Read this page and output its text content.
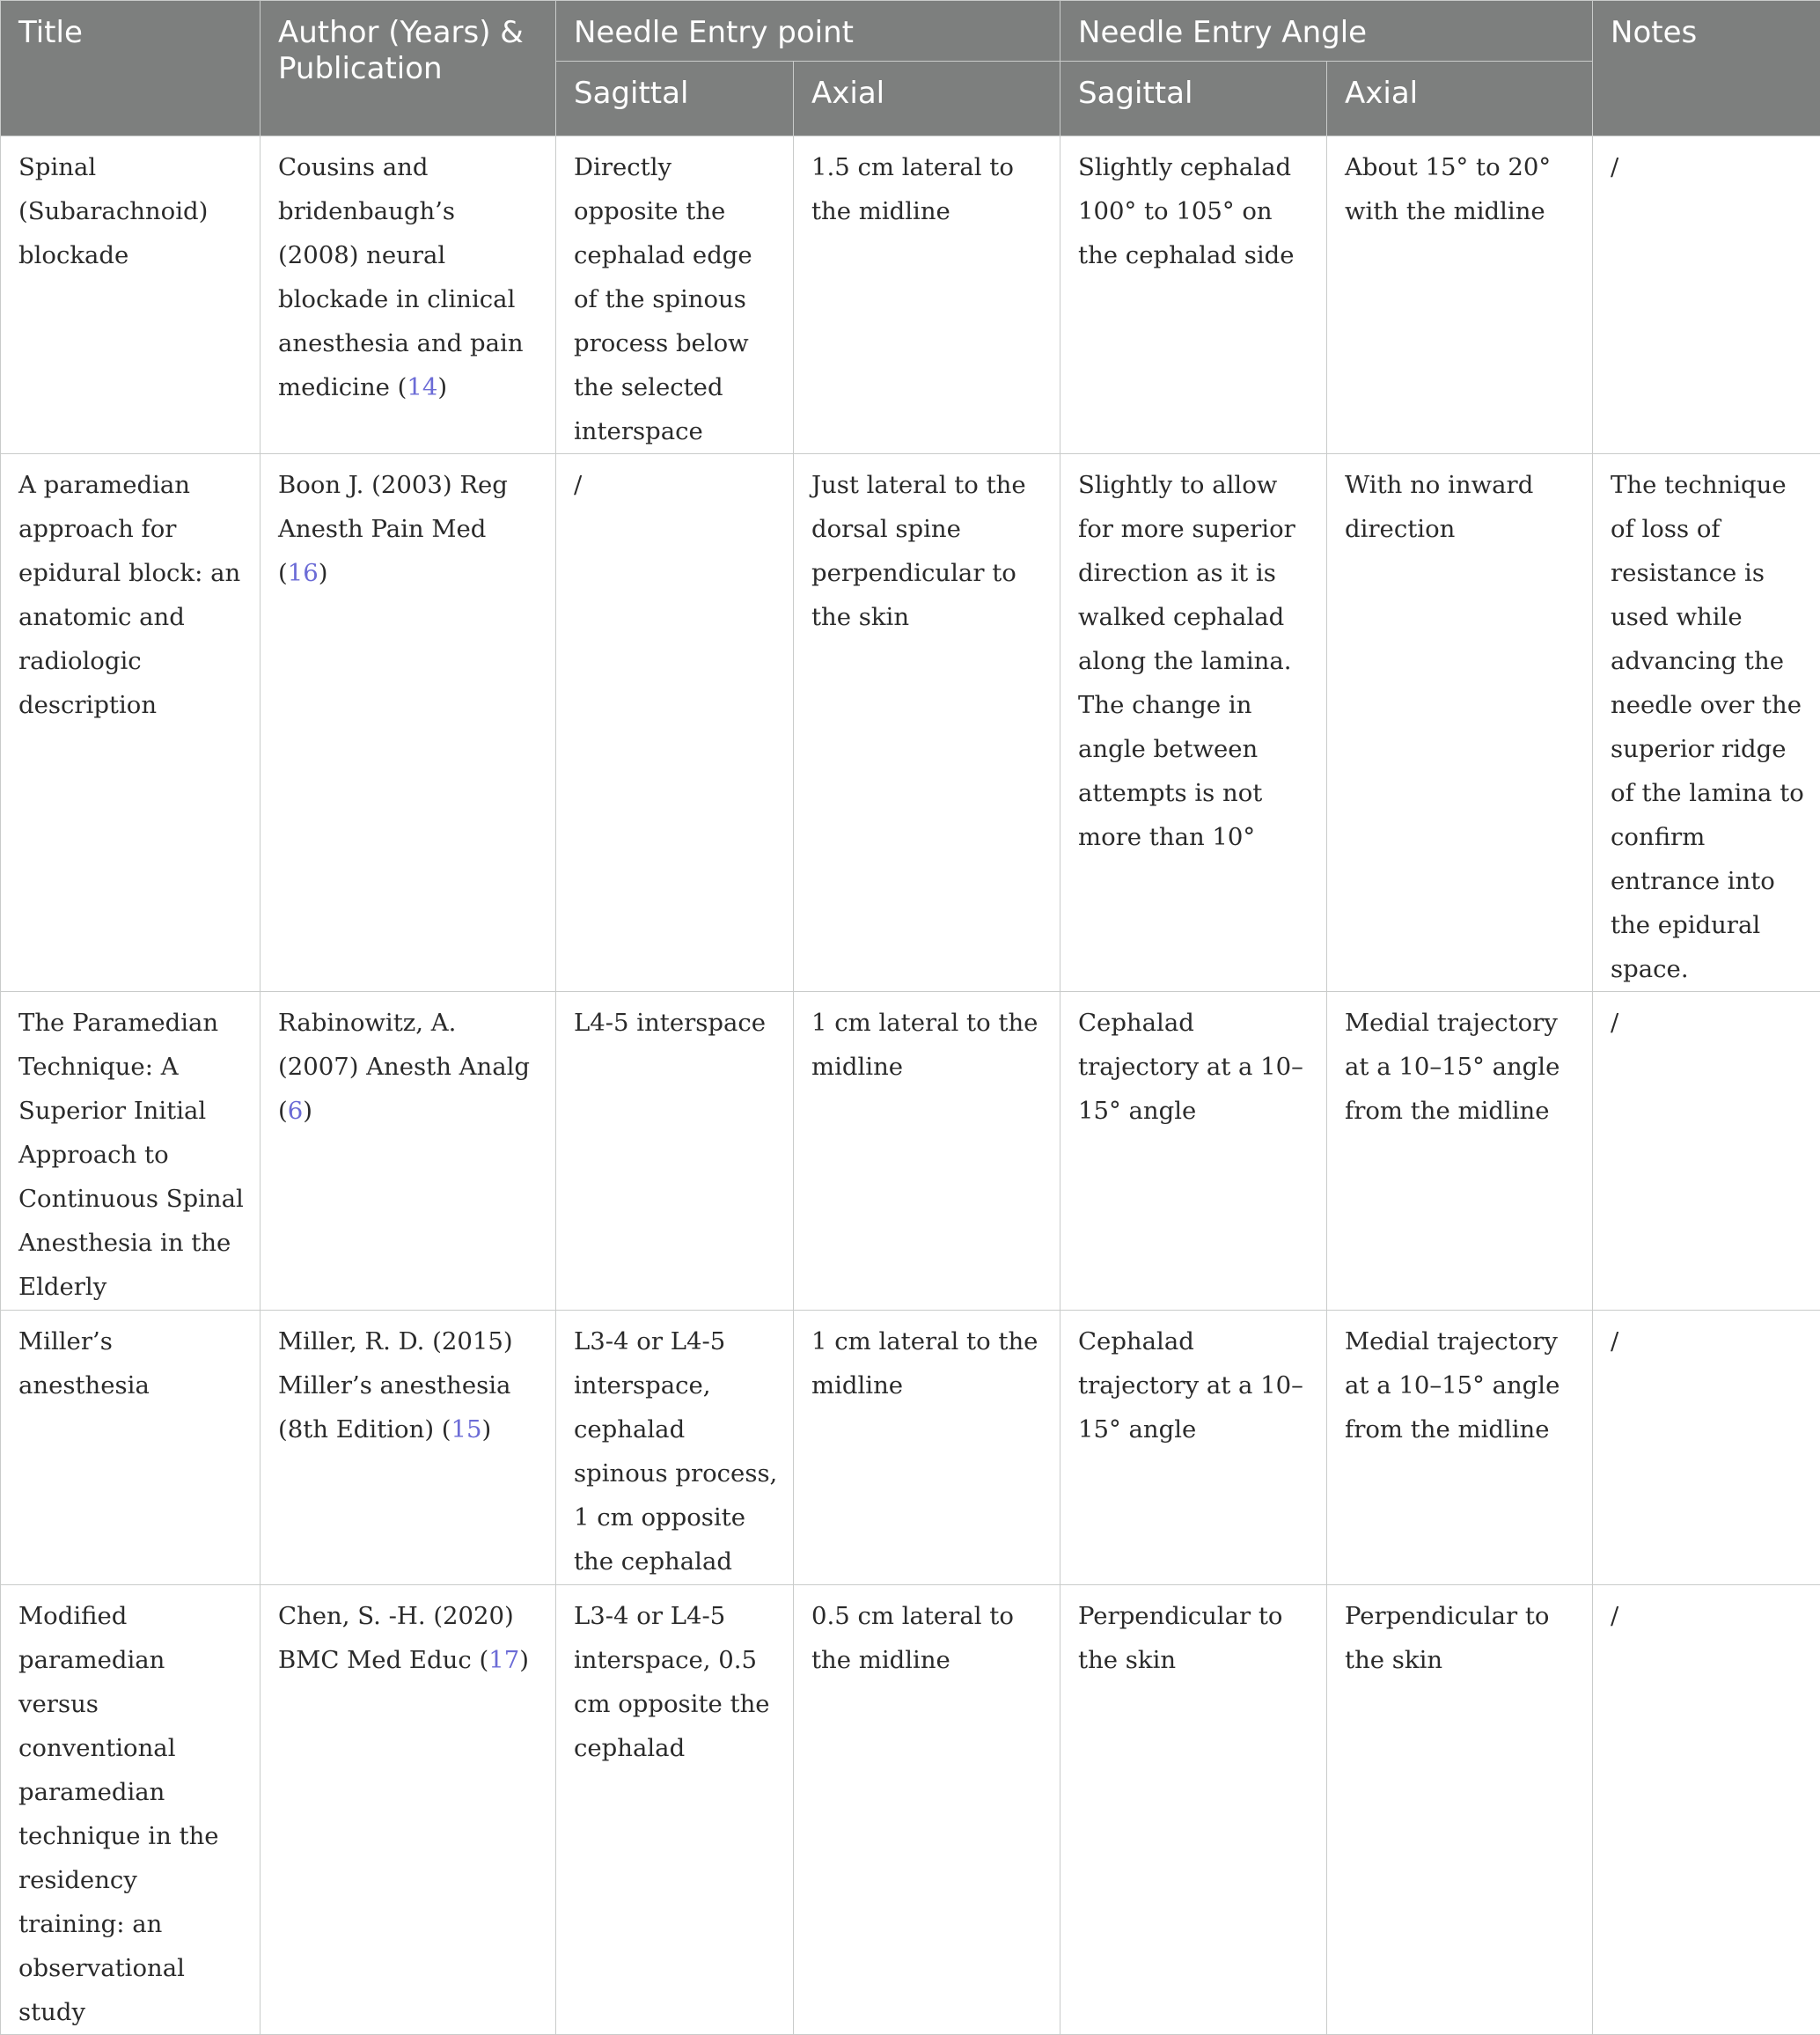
Title	Author (Years) & Publication	Needle Entry point		Needle Entry Angle		Notes
		Sagittal	Axial	Sagittal	Axial	
Spinal (Subarachnoid) blockade	Cousins and bridenbaugh’s (2008) neural blockade in clinical anesthesia and pain medicine (14)	Directly opposite the cephalad edge of the spinous process below the selected interspace	1.5 cm lateral to the midline	Slightly cephalad 100° to 105° on the cephalad side	About 15° to 20° with the midline	/
A paramedian approach for epidural block: an anatomic and radiologic description	Boon J. (2003) Reg Anesth Pain Med (16)	/	Just lateral to the dorsal spine perpendicular to the skin	Slightly to allow for more superior direction as it is walked cephalad along the lamina. The change in angle between attempts is not more than 10°	With no inward direction	The technique of loss of resistance is used while advancing the needle over the superior ridge of the lamina to confirm entrance into the epidural space.
The Paramedian Technique: A Superior Initial Approach to Continuous Spinal Anesthesia in the Elderly	Rabinowitz, A. (2007) Anesth Analg (6)	L4-5 interspace	1 cm lateral to the midline	Cephalad trajectory at a 10–15° angle	Medial trajectory at a 10–15° angle from the midline	/
Miller’s anesthesia	Miller, R. D. (2015) Miller’s anesthesia (8th Edition) (15)	L3-4 or L4-5 interspace, cephalad spinous process, 1 cm opposite the cephalad	1 cm lateral to the midline	Cephalad trajectory at a 10–15° angle	Medial trajectory at a 10–15° angle from the midline	/
Modified paramedian versus conventional paramedian technique in the residency training: an observational study	Chen, S. -H. (2020) BMC Med Educ (17)	L3-4 or L4-5 interspace, 0.5 cm opposite the cephalad	0.5 cm lateral to the midline	Perpendicular to the skin	Perpendicular to the skin	/
